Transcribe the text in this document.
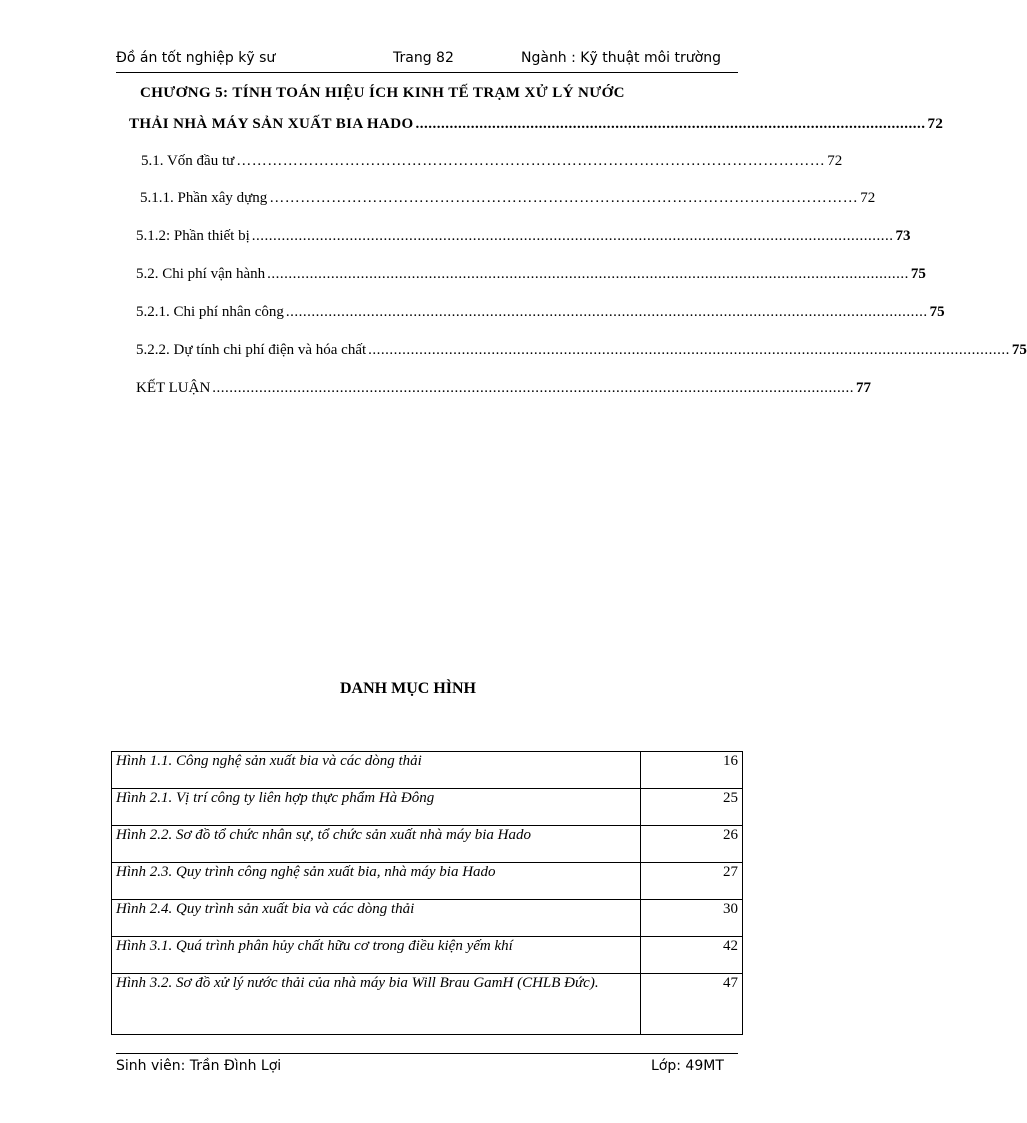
Đồ án tốt nghiệp kỹ sư	Trang 82	Ngành : Kỹ thuật môi trường
CHƯƠNG 5: TÍNH TOÁN HIỆU ÍCH KINH TẾ TRẠM XỬ LÝ NƯỚC
THẢI NHÀ MÁY SẢN XUẤT BIA HADO ........................................................................................................................ 72
5.1. Vốn đầu tư …………………………………………………………………………………………………… 72
5.1.1. Phần xây dựng …………………………………………………………………………………………………… 72
5.1.2: Phần thiết bị ....................................................................................................................................................... 73
5.2. Chi phí vận hành ....................................................................................................................................................... 75
5.2.1. Chi phí nhân công ....................................................................................................................................................... 75
5.2.2. Dự tính chi phí điện và hóa chất ....................................................................................................................................................... 75
KẾT LUẬN ....................................................................................................................................................... 77
DANH MỤC HÌNH
Hình 1.1. Công nghệ sản xuất bia và các dòng thải	16
Hình 2.1. Vị trí công ty liên hợp thực phẩm Hà Đông	25
Hình 2.2. Sơ đồ tổ chức nhân sự, tổ chức sản xuất nhà máy bia Hado	26
Hình 2.3. Quy trình công nghệ sản xuất bia, nhà máy bia Hado	27
Hình 2.4. Quy trình sản xuất bia và các dòng thải	30
Hình 3.1. Quá trình phân hủy chất hữu cơ trong điều kiện yếm khí	42
Hình 3.2. Sơ đồ xử lý nước thải của nhà máy bia Will Brau GamH (CHLB Đức).	47
Sinh viên: Trần Đình Lợi	Lớp: 49MT
